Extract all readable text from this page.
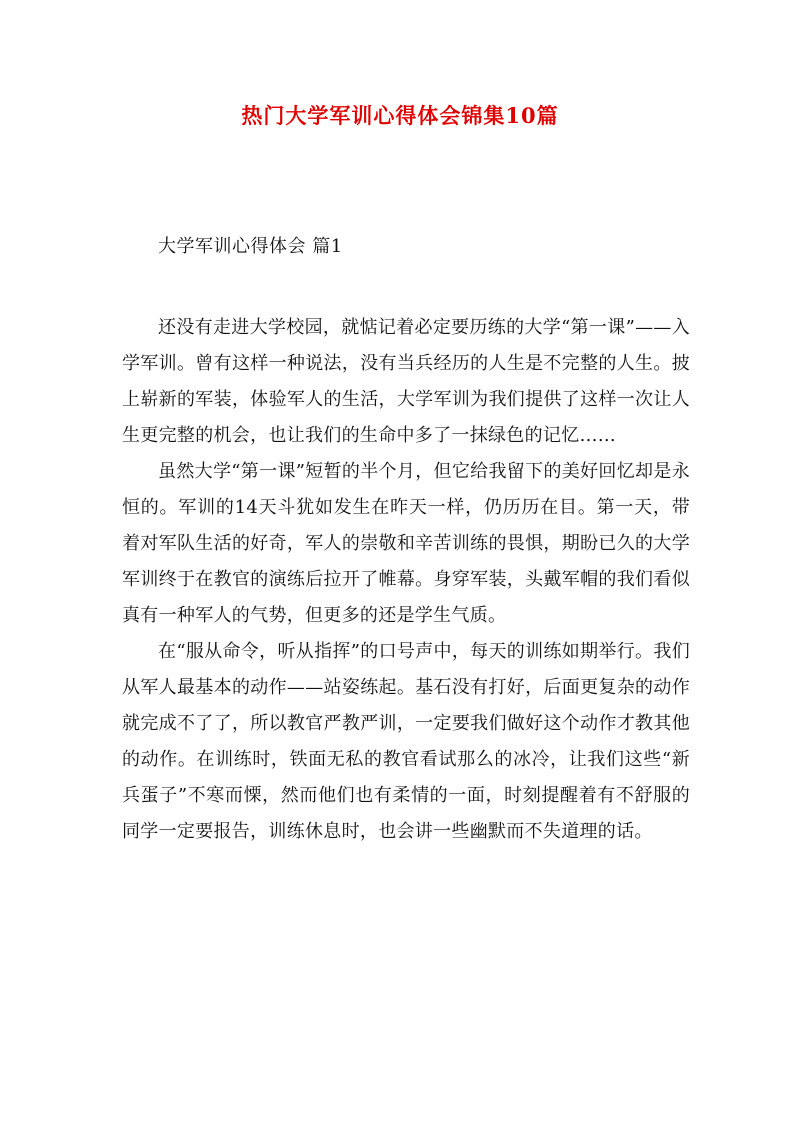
热门大学军训心得体会锦集10篇
大学军训心得体会 篇1

还没有走进大学校园，就惦记着必定要历练的大学“第一课”——入学军训。曾有这样一种说法，没有当兵经历的人生是不完整的人生。披上崭新的军装，体验军人的生活，大学军训为我们提供了这样一次让人生更完整的机会，也让我们的生命中多了一抹绿色的记忆……

虽然大学“第一课”短暂的半个月，但它给我留下的美好回忆却是永恒的。军训的14天斗犹如发生在昨天一样，仍历历在目。第一天，带着对军队生活的好奇，军人的崇敬和辛苦训练的畏惧，期盼已久的大学军训终于在教官的演练后拉开了帷幕。身穿军装，头戴军帽的我们看似真有一种军人的气势，但更多的还是学生气质。

在“服从命令，听从指挥”的口号声中，每天的训练如期举行。我们从军人最基本的动作——站姿练起。基石没有打好，后面更复杂的动作就完成不了了，所以教官严教严训，一定要我们做好这个动作才教其他的动作。在训练时，铁面无私的教官看试那么的冰冷，让我们这些“新兵蛋子”不寒而慄，然而他们也有柔情的一面，时刻提醒着有不舒服的同学一定要报告，训练休息时，也会讲一些幽默而不失道理的话。
